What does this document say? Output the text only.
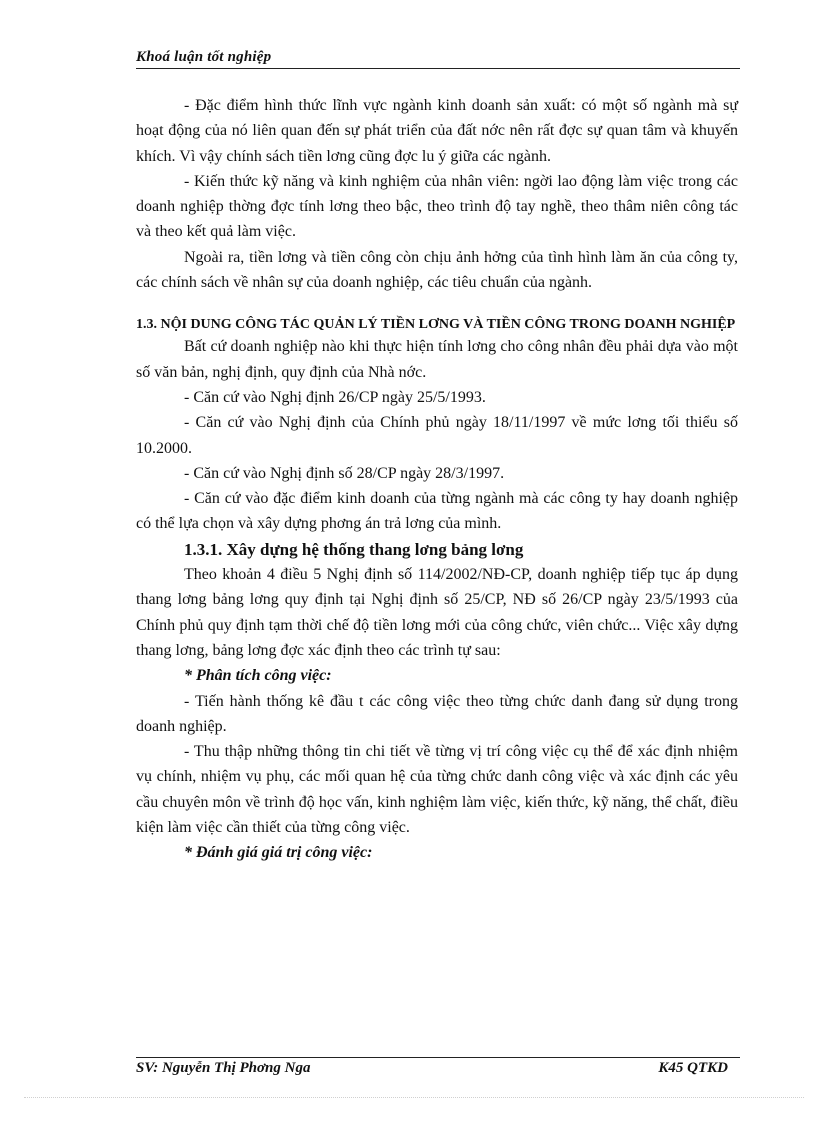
Khoá luận tốt nghiệp

- Đặc điểm hình thức lĩnh vực ngành kinh doanh sản xuất: có một số ngành mà sự hoạt động của nó liên quan đến sự phát triển của đất nớc nên rất đợc sự quan tâm và khuyến khích. Vì vậy chính sách tiền lơng cũng đợc lu ý giữa các ngành.

- Kiến thức kỹ năng và kinh nghiệm của nhân viên: ngời lao động làm việc trong các doanh nghiệp thờng đợc tính lơng theo bậc, theo trình độ tay nghề, theo thâm niên công tác và theo kết quả làm việc.

Ngoài ra, tiền lơng và tiền công còn chịu ảnh hởng của tình hình làm ăn của công ty, các chính sách về nhân sự của doanh nghiệp, các tiêu chuẩn của ngành.

1.3. NỘI DUNG CÔNG TÁC QUẢN LÝ TIỀN LƠNG VÀ TIỀN CÔNG TRONG DOANH NGHIỆP

Bất cứ doanh nghiệp nào khi thực hiện tính lơng cho công nhân đều phải dựa vào một số văn bản, nghị định, quy định của Nhà nớc.

- Căn cứ vào Nghị định 26/CP ngày 25/5/1993.

- Căn cứ vào Nghị định của Chính phủ ngày 18/11/1997 về mức lơng tối thiểu số 10.2000.

- Căn cứ vào Nghị định số 28/CP ngày 28/3/1997.

- Căn cứ vào đặc điểm kinh doanh của từng ngành mà các công ty hay doanh nghiệp có thể lựa chọn và xây dựng phơng án trả lơng của mình.

1.3.1. Xây dựng hệ thống thang lơng bảng lơng

Theo khoản 4 điều 5 Nghị định số 114/2002/NĐ-CP, doanh nghiệp tiếp tục áp dụng thang lơng bảng lơng quy định tại Nghị định số 25/CP, NĐ số 26/CP ngày 23/5/1993 của Chính phủ quy định tạm thời chế độ tiền lơng mới của công chức, viên chức... Việc xây dựng thang lơng, bảng lơng đợc xác định theo các trình tự sau:

* Phân tích công việc:

- Tiến hành thống kê đầu t các công việc theo từng chức danh đang sử dụng trong doanh nghiệp.

- Thu thập những thông tin chi tiết về từng vị trí công việc cụ thể để xác định nhiệm vụ chính, nhiệm vụ phụ, các mối quan hệ của từng chức danh công việc và xác định các yêu cầu chuyên môn về trình độ học vấn, kinh nghiệm làm việc, kiến thức, kỹ năng, thể chất, điều kiện làm việc cần thiết của từng công việc.

* Đánh giá giá trị công việc:

SV: Nguyễn Thị Phơng Nga	K45 QTKD
